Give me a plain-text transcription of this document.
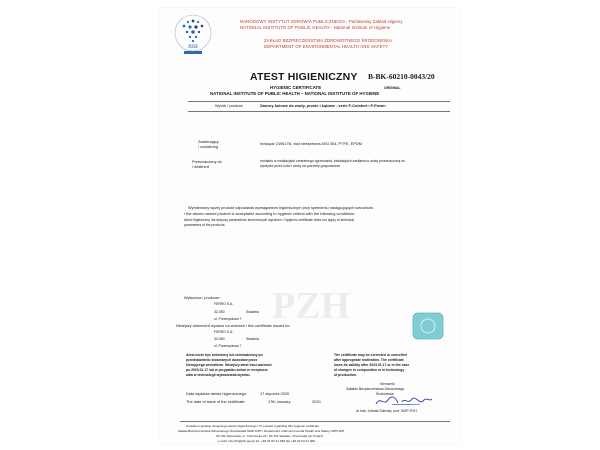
PZH
NARODOWY INSTYTUT ZDROWIA PUBLICZNEGO - Państwowy Zakład Higieny
NATIONAL INSTITUTE OF PUBLIC HEALTH - National Institute of Hygiene
ZAKŁAD BEZPIECZEŃSTWA ZDROWOTNEGO ŚRODOWISKA
DEPARTMENT OF ENVIRONMENTAL HEALTH AND SAFETY
ATEST HIGIENICZNY B-BK-60210-0043/20
HYGIENIC CERTIFICATE	ORIGINAL
NATIONAL INSTITUTE OF PUBLIC HEALTH – NATIONAL INSTITUTE OF HYGIENE
Wyrób / product:	Zawory kulowe do wody, proste i kątowe - serie F-Comfort i F-Power
Zawierający
/ containing
mosiądz CW617N, stal nierdzewna AISI 304, PTFE, EPDM
Przeznaczony do
/ destined
montażu w instalacjach centralnego ogrzewania, instalacjach zasilania w wodę przeznaczoną do
spożycia przez ludzi i wodę na potrzeby gospodarcze
Wymieniony wyżej produkt odpowiada wymaganiom higienicznym przy spełnieniu następujących warunków
/ the above-named product is acceptable according to hygienic criteria with the following conditions:
Atest Higieniczny nie dotyczy parametrów technicznych wyrobów / Hygienic certificate does not apply to technical
parameters of the products.
PZH
Wytwórca / producer:
FERRO S.A.
32-050	Skawina
ul. Przemysłowa 7
Niniejszy dokument wydano na wniosek / this certificate issued for
FERRO S.A.
32-050	Skawina
ul. Przemysłowa 7
Atest może być zmieniony lub unieważniony po
przedstawieniu stosownych dowodów przez
kierującego wnioskiem. Niniejszy atest traci ważność
po 2023.01.17 lub w przypadku zmian w recepturze
albo w technologii wytwarzania wyrobu.
The certificate may be corrected or cancelled
after appropriate motivation. The certificate
loses its validity after 2023.01.17 or in the case
of changes in composition or in technology
of production.
Kierownik
Zakładu Bezpieczeństwa Zdrowotnego
Środowiska
dr hab. Jolanta Solecka, prof. NIZP-PZH
Data wydania atestu higienicznego:	17 stycznia 2020
The date of issue of the certificate:	17th January	2020
Kontakt w sprawie niniejszego atestu higienicznego / To contact regarding this hygienic certificate
Zakład Bezpieczeństwa Zdrowotnego Środowiska NIZP-PZH / Department of Environmental Health and Safety NIPH-NIH
00-791 Warszawa, ul. Chocimska 24 / 00-791 Warsaw, Chocimska 24, Poland
e-mail: zbs-zhi@pzh.gov.pl tel. +48 22 54 21 298 fax +48 22 54 21 369
